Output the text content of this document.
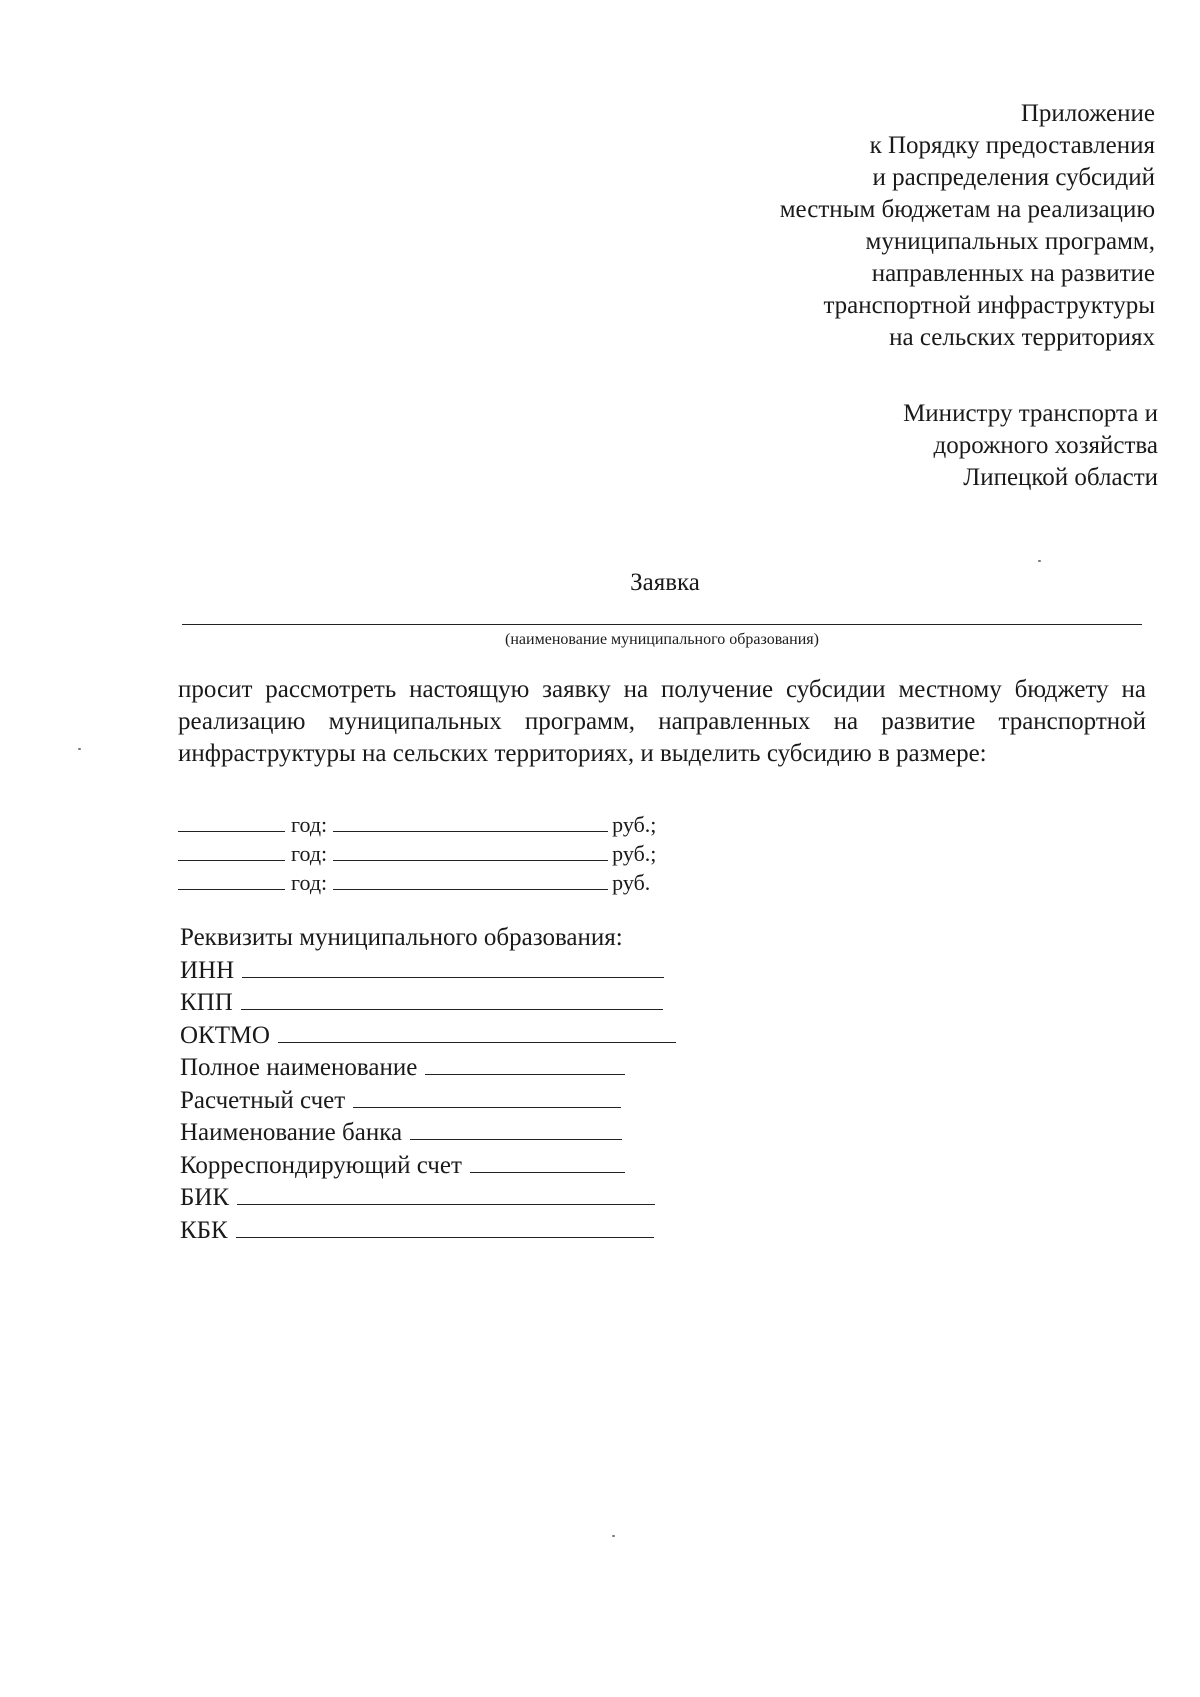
Приложение
к Порядку предоставления
и распределения субсидий
местным бюджетам на реализацию
муниципальных программ,
направленных на развитие
транспортной инфраструктуры
на сельских территориях
Министру транспорта и
дорожного хозяйства
Липецкой области
Заявка
(наименование муниципального образования)
просит рассмотреть настоящую заявку на получение субсидии местному бюджету на реализацию муниципальных программ, направленных на развитие транспортной инфраструктуры на сельских территориях, и выделить субсидию в размере:
год:	руб.;
год:	руб.;
год:	руб.
Реквизиты муниципального образования:
ИНН
КПП
ОКТМО
Полное наименование
Расчетный счет
Наименование банка
Корреспондирующий счет
БИК
КБК
